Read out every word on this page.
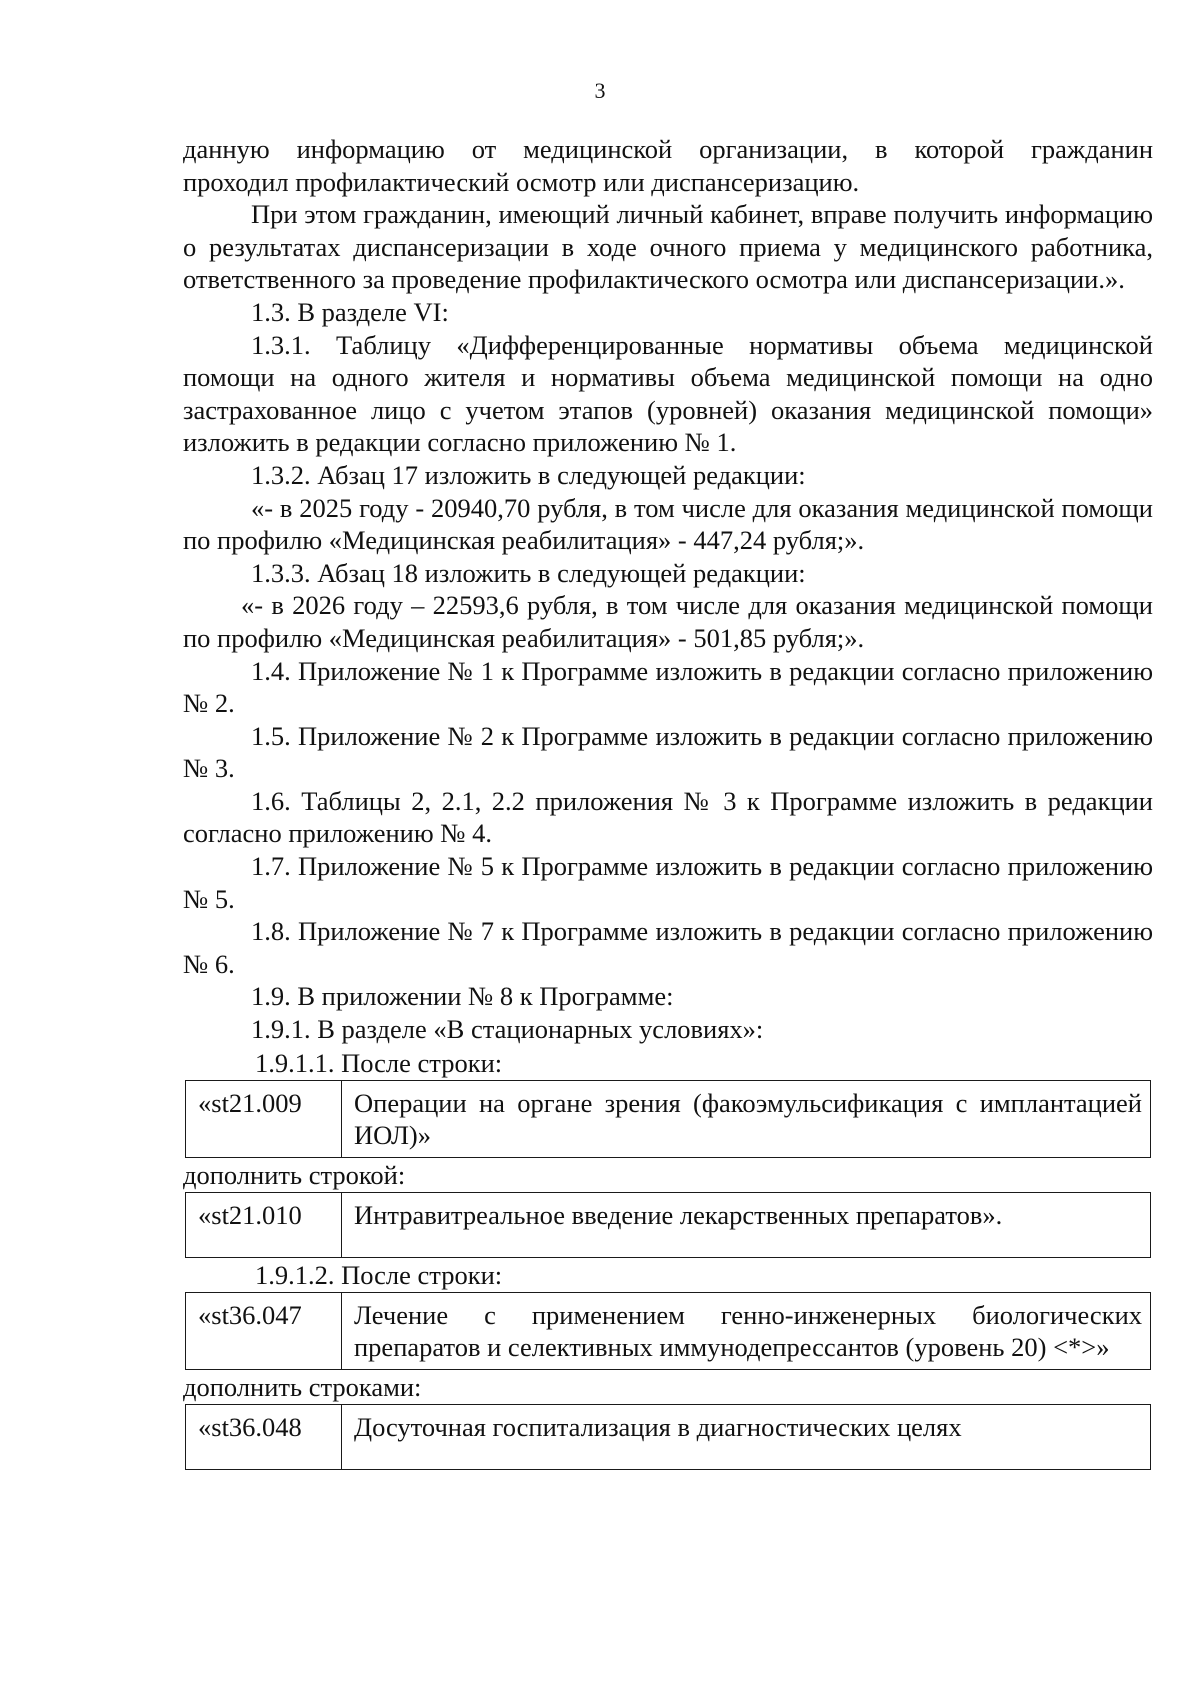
3

данную информацию от медицинской организации, в которой гражданин

проходил профилактический осмотр или диспансеризацию.

При этом гражданин, имеющий личный кабинет, вправе получить информацию о результатах диспансеризации в ходе очного приема у медицинского работника, ответственного за проведение профилактического осмотра или диспансеризации.».

1.3. В разделе VI:

1.3.1. Таблицу «Дифференцированные нормативы объема медицинской помощи на одного жителя и нормативы объема медицинской помощи на одно застрахованное лицо с учетом этапов (уровней) оказания медицинской помощи» изложить в редакции согласно приложению № 1.

1.3.2. Абзац 17 изложить в следующей редакции:

«- в 2025 году - 20940,70 рубля, в том числе для оказания медицинской помощи по профилю «Медицинская реабилитация» - 447,24 рубля;».

1.3.3. Абзац 18 изложить в следующей редакции:

«- в 2026 году – 22593,6 рубля, в том числе для оказания медицинской помощи по профилю «Медицинская реабилитация» - 501,85 рубля;».

1.4. Приложение № 1 к Программе изложить в редакции согласно приложению № 2.

1.5. Приложение № 2 к Программе изложить в редакции согласно приложению № 3.

1.6. Таблицы 2, 2.1, 2.2 приложения № 3 к Программе изложить в редакции согласно приложению № 4.

1.7. Приложение № 5 к Программе изложить в редакции согласно приложению № 5.

1.8. Приложение № 7 к Программе изложить в редакции согласно приложению № 6.

1.9. В приложении № 8 к Программе:

1.9.1. В разделе «В стационарных условиях»:

1.9.1.1. После строки:

«st21.009	Операции на органе зрения (факоэмульсификация с имплантацией ИОЛ)»

дополнить строкой:

«st21.010	Интравитреальное введение лекарственных препаратов».

1.9.1.2. После строки:

«st36.047	Лечение с применением генно-инженерных биологических препаратов и селективных иммунодепрессантов (уровень 20) <*>»

дополнить строками:

«st36.048	Досуточная госпитализация в диагностических целях
